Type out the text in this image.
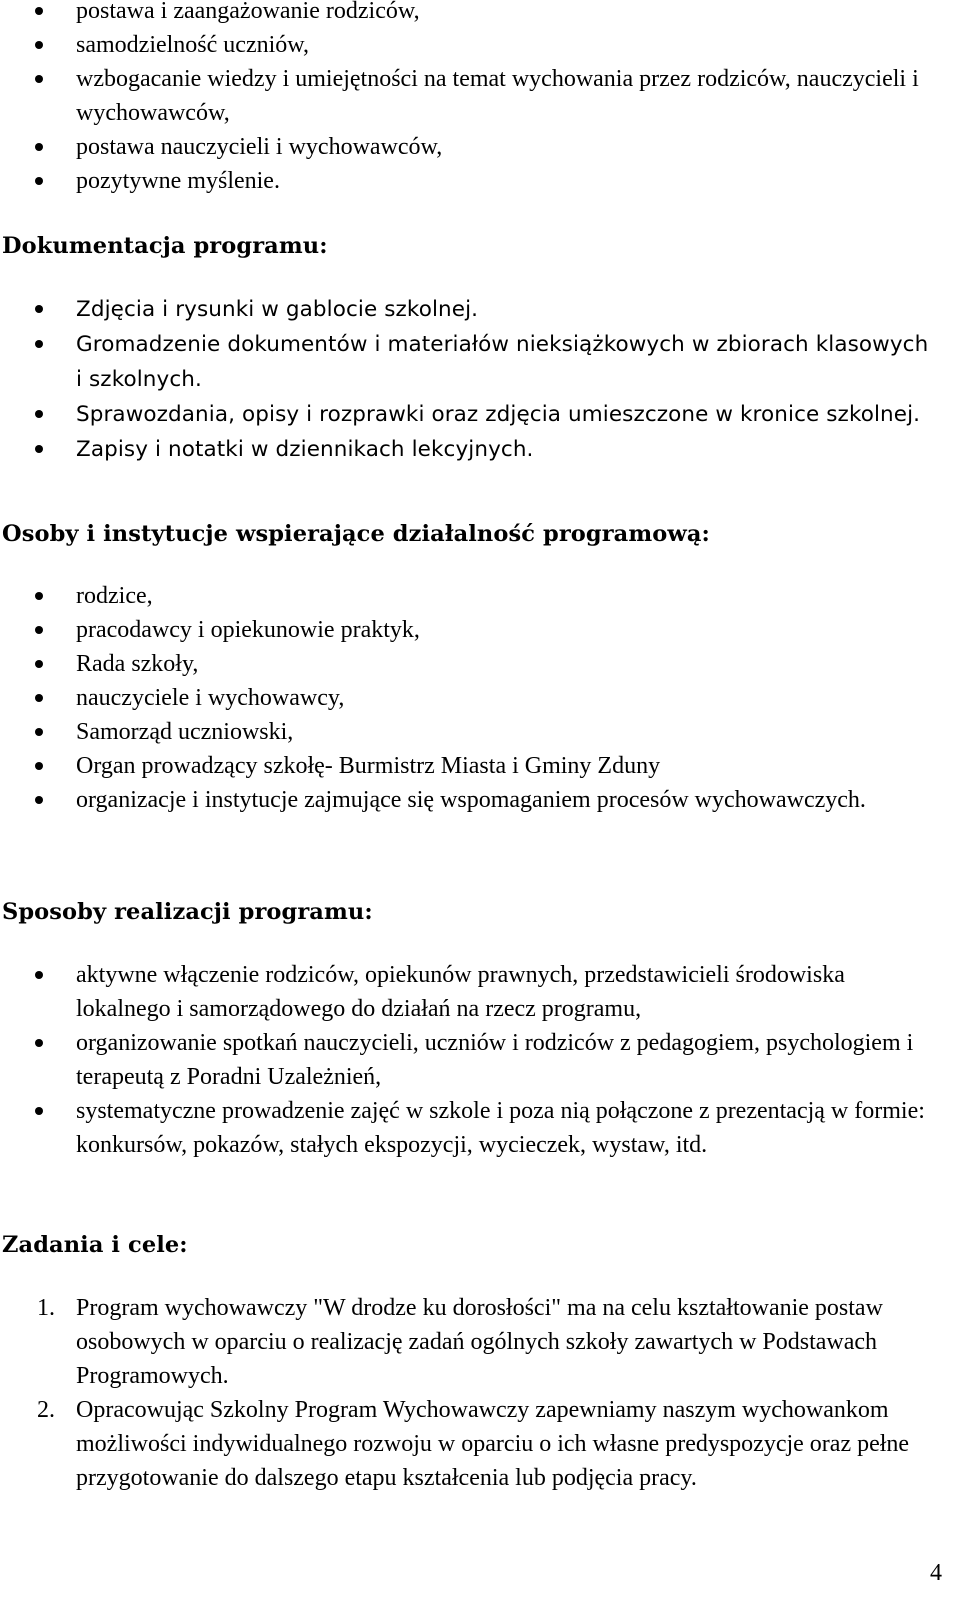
postawa i zaangażowanie rodziców,
samodzielność uczniów,
wzbogacanie wiedzy i umiejętności na temat wychowania przez rodziców, nauczycieli i wychowawców,
postawa nauczycieli i wychowawców,
pozytywne myślenie.
Dokumentacja programu:
Zdjęcia i rysunki w gablocie szkolnej.
Gromadzenie dokumentów i materiałów nieksiążkowych w zbiorach klasowych i szkolnych.
Sprawozdania, opisy i rozprawki oraz zdjęcia umieszczone w kronice szkolnej.
Zapisy i notatki w dziennikach lekcyjnych.
Osoby i instytucje wspierające działalność programową:
rodzice,
pracodawcy i opiekunowie praktyk,
Rada szkoły,
nauczyciele i wychowawcy,
Samorząd uczniowski,
Organ prowadzący szkołę- Burmistrz Miasta i Gminy Zduny
organizacje i instytucje zajmujące się wspomaganiem procesów wychowawczych.
Sposoby realizacji programu:
aktywne włączenie rodziców, opiekunów prawnych, przedstawicieli środowiska lokalnego i samorządowego do działań na rzecz programu,
organizowanie spotkań nauczycieli, uczniów i rodziców z pedagogiem, psychologiem i terapeutą z Poradni Uzależnień,
systematyczne prowadzenie zajęć w szkole i poza nią połączone z prezentacją w formie: konkursów, pokazów, stałych ekspozycji, wycieczek, wystaw, itd.
Zadania i cele:
1. Program wychowawczy "W drodze ku dorosłości" ma na celu kształtowanie postaw osobowych w oparciu o realizację zadań ogólnych szkoły zawartych w Podstawach Programowych.
2. Opracowując Szkolny Program Wychowawczy zapewniamy naszym wychowankom możliwości indywidualnego rozwoju w oparciu o ich własne predyspozycje oraz pełne przygotowanie do dalszego etapu kształcenia lub podjęcia pracy.
4
